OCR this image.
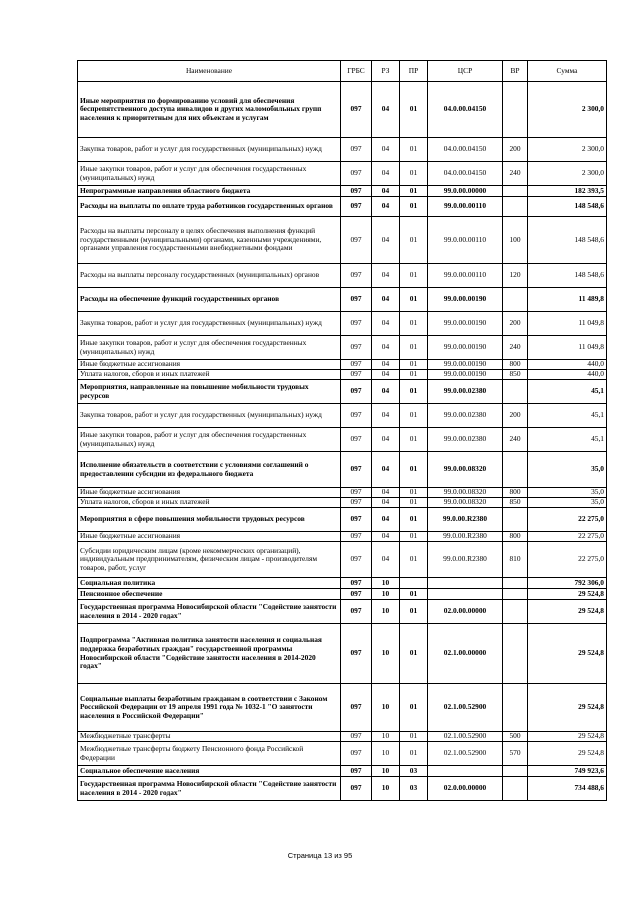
Наименование	ГРБС	РЗ	ПР	ЦСР	ВР	Сумма
Иные мероприятия по формированию условий для обеспечения беспрепятственного доступа инвалидов и других маломобильных групп населения к приоритетным для них объектам и услугам	097	04	01	04.0.00.04150		2 300,0
Закупка товаров, работ и услуг для государственных (муниципальных) нужд	097	04	01	04.0.00.04150	200	2 300,0
Иные закупки товаров, работ и услуг для обеспечения государственных (муниципальных) нужд	097	04	01	04.0.00.04150	240	2 300,0
Непрограммные направления областного бюджета	097	04	01	99.0.00.00000		182 393,5
Расходы на выплаты по оплате труда работников государственных органов	097	04	01	99.0.00.00110		148 548,6
Расходы на выплаты персоналу в целях обеспечения выполнения функций государственными (муниципальными) органами, казенными учреждениями, органами управления государственными внебюджетными фондами	097	04	01	99.0.00.00110	100	148 548,6
Расходы на выплаты персоналу государственных (муниципальных) органов	097	04	01	99.0.00.00110	120	148 548,6
Расходы на обеспечение функций государственных органов	097	04	01	99.0.00.00190		11 489,8
Закупка товаров, работ и услуг для государственных (муниципальных) нужд	097	04	01	99.0.00.00190	200	11 049,8
Иные закупки товаров, работ и услуг для обеспечения государственных (муниципальных) нужд	097	04	01	99.0.00.00190	240	11 049,8
Иные бюджетные ассигнования	097	04	01	99.0.00.00190	800	440,0
Уплата налогов, сборов и иных платежей	097	04	01	99.0.00.00190	850	440,0
Мероприятия, направленные на повышение мобильности трудовых ресурсов	097	04	01	99.0.00.02380		45,1
Закупка товаров, работ и услуг для государственных (муниципальных) нужд	097	04	01	99.0.00.02380	200	45,1
Иные закупки товаров, работ и услуг для обеспечения государственных (муниципальных) нужд	097	04	01	99.0.00.02380	240	45,1
Исполнение обязательств в соответствии с условиями соглашений о предоставлении субсидии из федерального бюджета	097	04	01	99.0.00.08320		35,0
Иные бюджетные ассигнования	097	04	01	99.0.00.08320	800	35,0
Уплата налогов, сборов и иных платежей	097	04	01	99.0.00.08320	850	35,0
Мероприятия в сфере повышения мобильности трудовых ресурсов	097	04	01	99.0.00.R2380		22 275,0
Иные бюджетные ассигнования	097	04	01	99.0.00.R2380	800	22 275,0
Субсидии юридическим лицам (кроме некоммерческих организаций), индивидуальным предпринимателям, физическим лицам - производителям товаров, работ, услуг	097	04	01	99.0.00.R2380	810	22 275,0
Социальная политика	097	10				792 306,0
Пенсионное обеспечение	097	10	01			29 524,8
Государственная программа Новосибирской области "Содействие занятости населения в 2014 - 2020 годах"	097	10	01	02.0.00.00000		29 524,8
Подпрограмма "Активная политика занятости населения и социальная поддержка безработных граждан" государственной программы Новосибирской области "Содействие занятости населения в 2014-2020 годах"	097	10	01	02.1.00.00000		29 524,8
Социальные выплаты безработным гражданам в соответствии с Законом Российской Федерации от 19 апреля 1991 года № 1032-1 "О занятости населения в Российской Федерации"	097	10	01	02.1.00.52900		29 524,8
Межбюджетные трансферты	097	10	01	02.1.00.52900	500	29 524,8
Межбюджетные трансферты бюджету Пенсионного фонда Российской Федерации	097	10	01	02.1.00.52900	570	29 524,8
Социальное обеспечение населения	097	10	03			749 923,6
Государственная программа Новосибирской области "Содействие занятости населения в 2014 - 2020 годах"	097	10	03	02.0.00.00000		734 488,6
Страница 13 из 95
